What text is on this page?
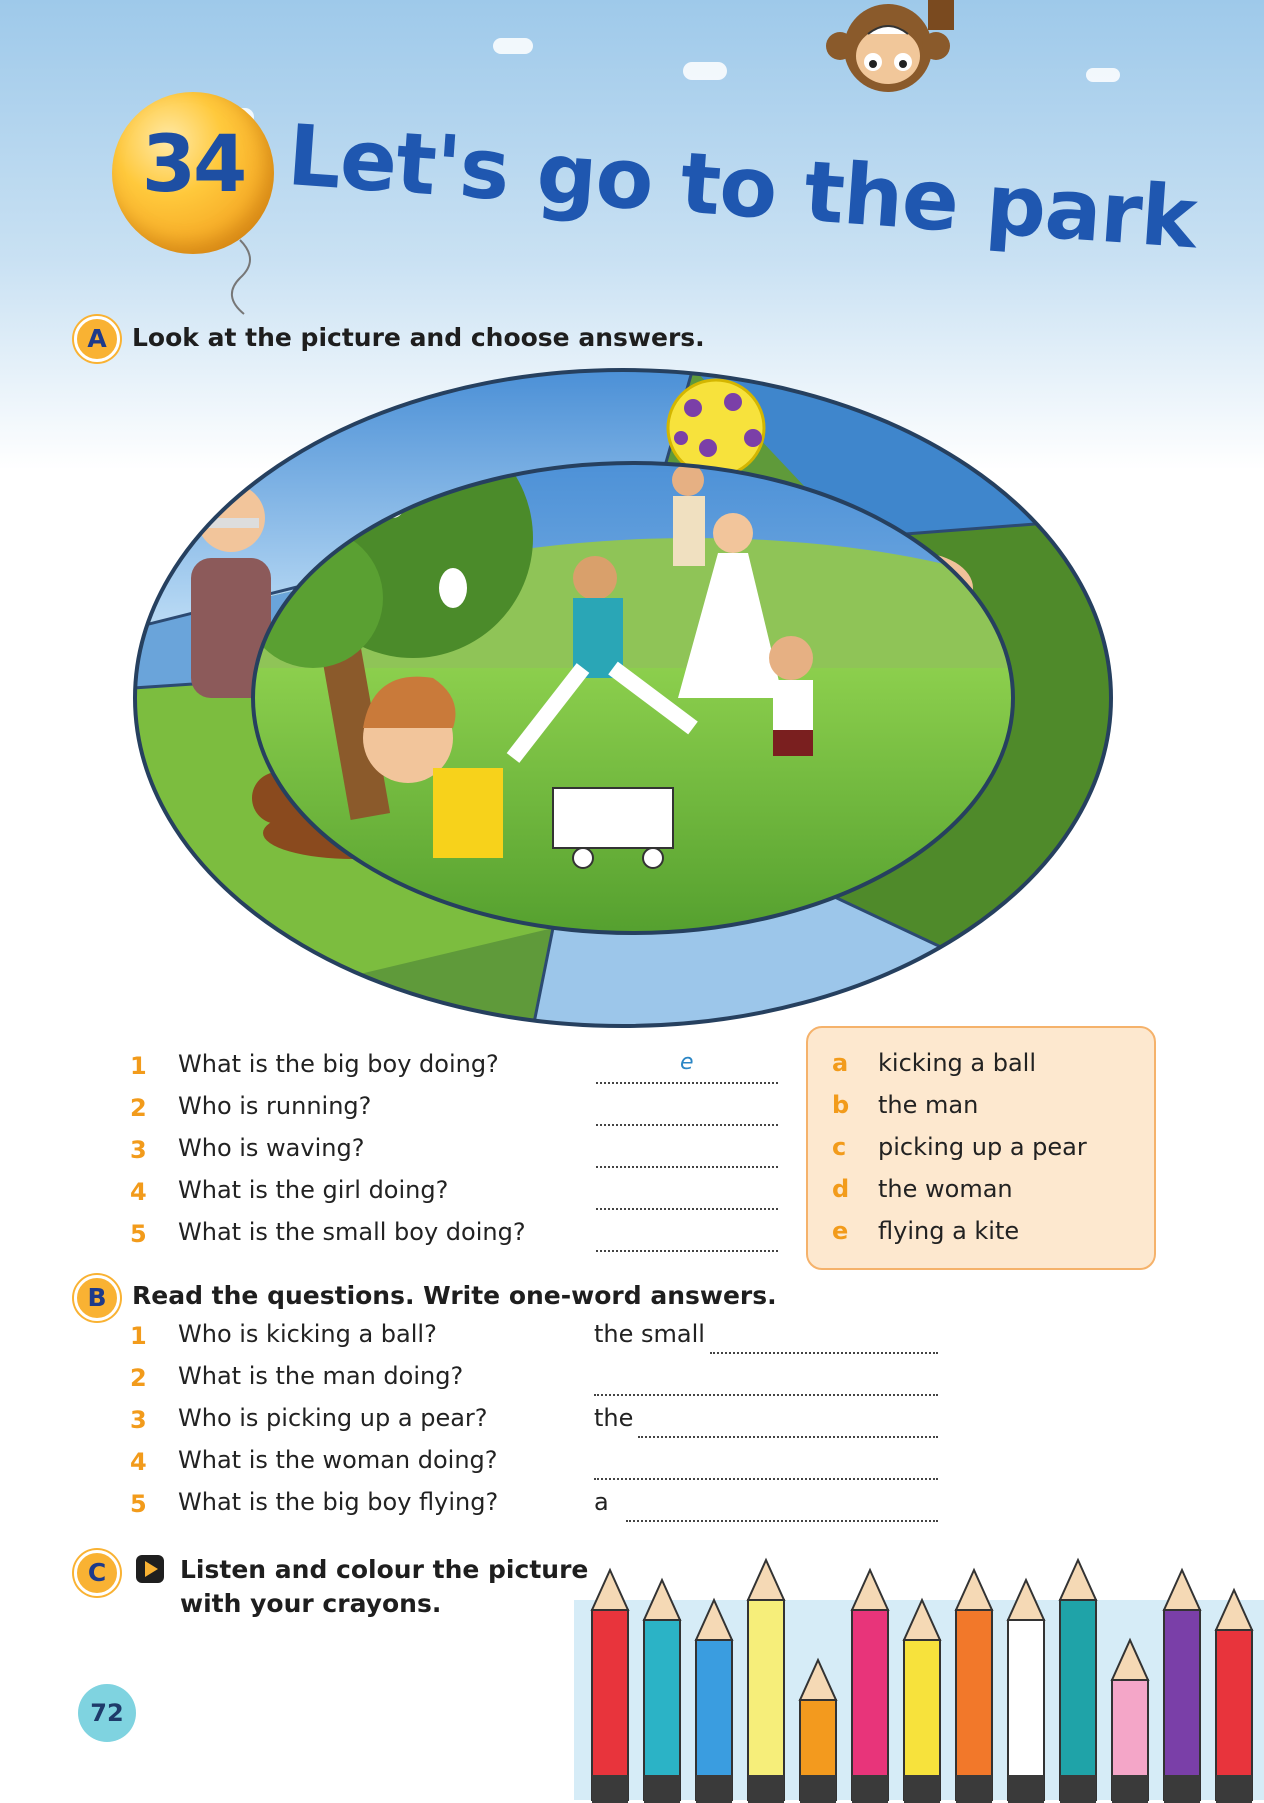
34 Let's go to the park
A	Look at the picture and choose answers.
1	What is the big boy doing?	e
2	Who is running?
3	Who is waving?
4	What is the girl doing?
5	What is the small boy doing?
a kicking a ball
b the man
c picking up a pear
d the woman
e flying a kite
B	Read the questions. Write one-word answers.
1	Who is kicking a ball?	the small
2	What is the man doing?
3	Who is picking up a pear?	the
4	What is the woman doing?
5	What is the big boy flying?	a
C	Listen and colour the picture
with your crayons.
72
